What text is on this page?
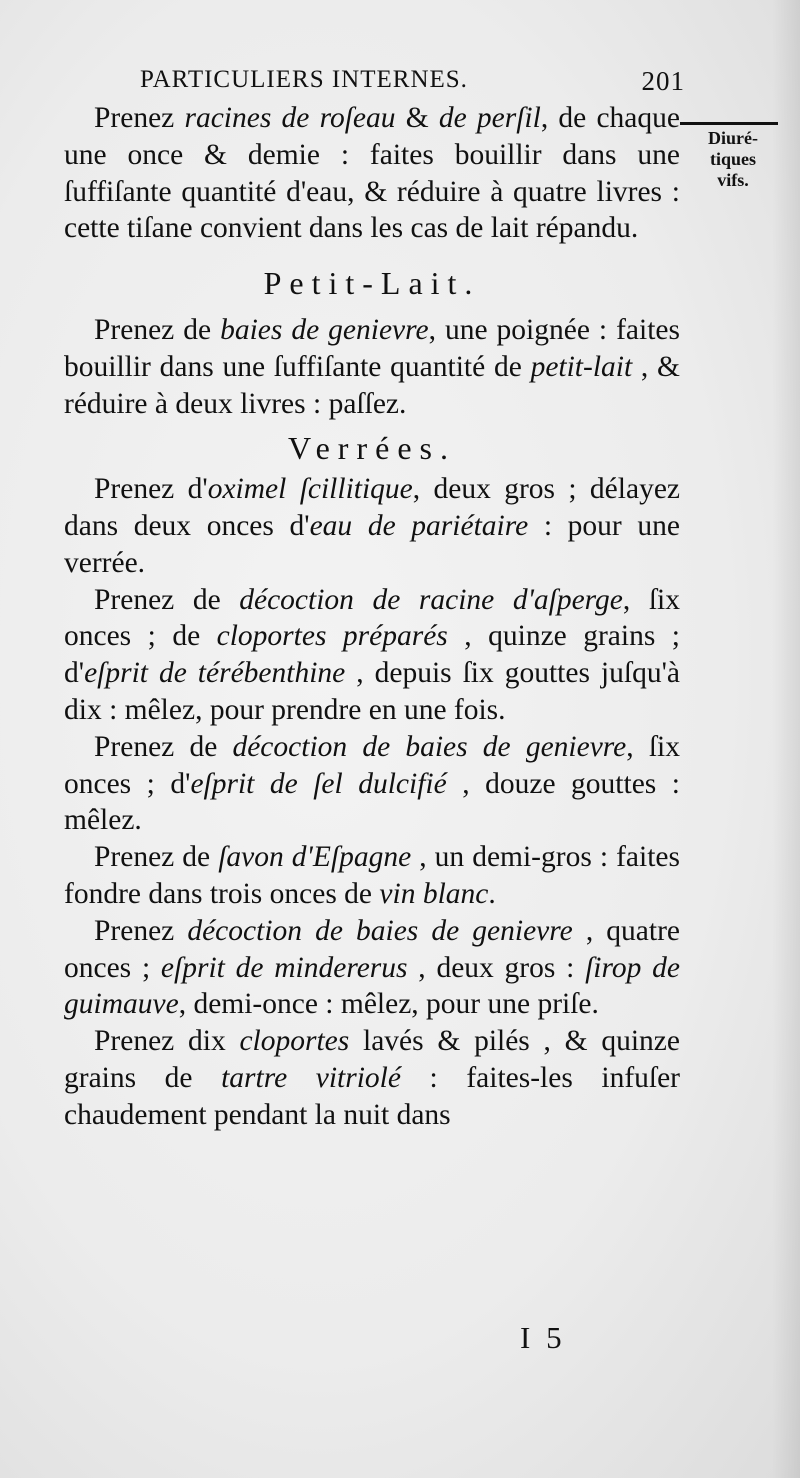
PARTICULIERS INTERNES.	201
Diuré-
tiques
vifs.

Prenez racines de roſeau & de perſil, de chaque une once & demie : faites bouillir dans une ſuffiſante quantité d'eau, & réduire à quatre livres : cette tiſane convient dans les cas de lait répandu.

Petit-Lait.

Prenez de baies de genievre, une poignée : faites bouillir dans une ſuffiſante quantité de petit-lait , & réduire à deux livres : paſſez.

Verrées.

Prenez d'oximel ſcillitique, deux gros ; délayez dans deux onces d'eau de pariétaire : pour une verrée.

Prenez de décoction de racine d'aſperge, ſix onces ; de cloportes préparés , quinze grains ; d'eſprit de térébenthine , depuis ſix gouttes juſqu'à dix : mêlez, pour prendre en une fois.

Prenez de décoction de baies de genievre, ſix onces ; d'eſprit de ſel dulcifié , douze gouttes : mêlez.

Prenez de ſavon d'Eſpagne , un demi-gros : faites fondre dans trois onces de vin blanc.

Prenez décoction de baies de genievre , quatre onces ; eſprit de mindererus , deux gros : ſirop de guimauve, demi-once : mêlez, pour une priſe.

Prenez dix cloportes lavés & pilés , & quinze grains de tartre vitriolé : faites-les infuſer chaudement pendant la nuit dans

I 5
